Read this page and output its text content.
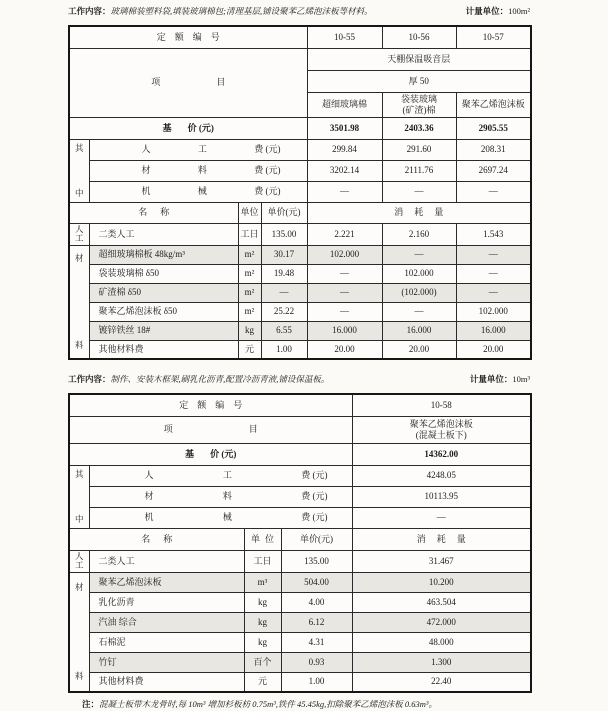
工作内容： 玻璃棉装塑料袋,填装玻璃棉包;清理基层,铺设聚苯乙烯泡沫板等材料。	计量单位： 100m²
定额编号				10-55	10-56	10-57

项 目				天棚保温吸音层		
				厚 50		
				超细玻璃棉	袋装玻璃
(矿渣)棉	聚苯乙烯泡沫板

基 价 (元)				3501.98	2403.36	2905.55

其
中	人 工 费 (元)			299.84	291.60	208.31

	材 料 费 (元)			3202.14	2111.76	2697.24

	机 械 费 (元)			—	—	—
名称		单位	单价(元)	消耗量		

人
工	二类人工	工日	135.00	2.221	2.160	1.543

材
料	超细玻璃棉板 48kg/m³	m²	30.17	102.000	—	—
	袋装玻璃棉 δ50	m²	19.48	—	102.000	—
	矿渣棉 δ50	m²	—	—	(102.000)	—
	聚苯乙烯泡沫板 δ50	m²	25.22	—	—	102.000
	镀锌铁丝 18#	kg	6.55	16.000	16.000	16.000
	其他材料费	元	1.00	20.00	20.00	20.00
工作内容： 制作、安装木框架,刷乳化沥青,配置冷沥青液,铺设保温板。	计量单位： 10m³
定额编号				10-58

项 目				聚苯乙烯泡沫板
(混凝土板下)

基 价 (元)				14362.00

其
中	人 工 费 (元)			4248.05

	材 料 费 (元)			10113.95

	机 械 费 (元)			—
名称		单位	单价(元)	消耗量

人
工	二类人工	工日	135.00	31.467

材
料	聚苯乙烯泡沫板	m³	504.00	10.200
	乳化沥青	kg	4.00	463.504
	汽油 综合	kg	6.12	472.000
	石棉泥	kg	4.31	48.000
	竹钉	百个	0.93	1.300
	其他材料费	元	1.00	22.40
注： 混凝土板带木龙骨时,每 10m³ 增加杉板枋 0.75m³,铁件 45.45kg,扣除聚苯乙烯泡沫板 0.63m³。
